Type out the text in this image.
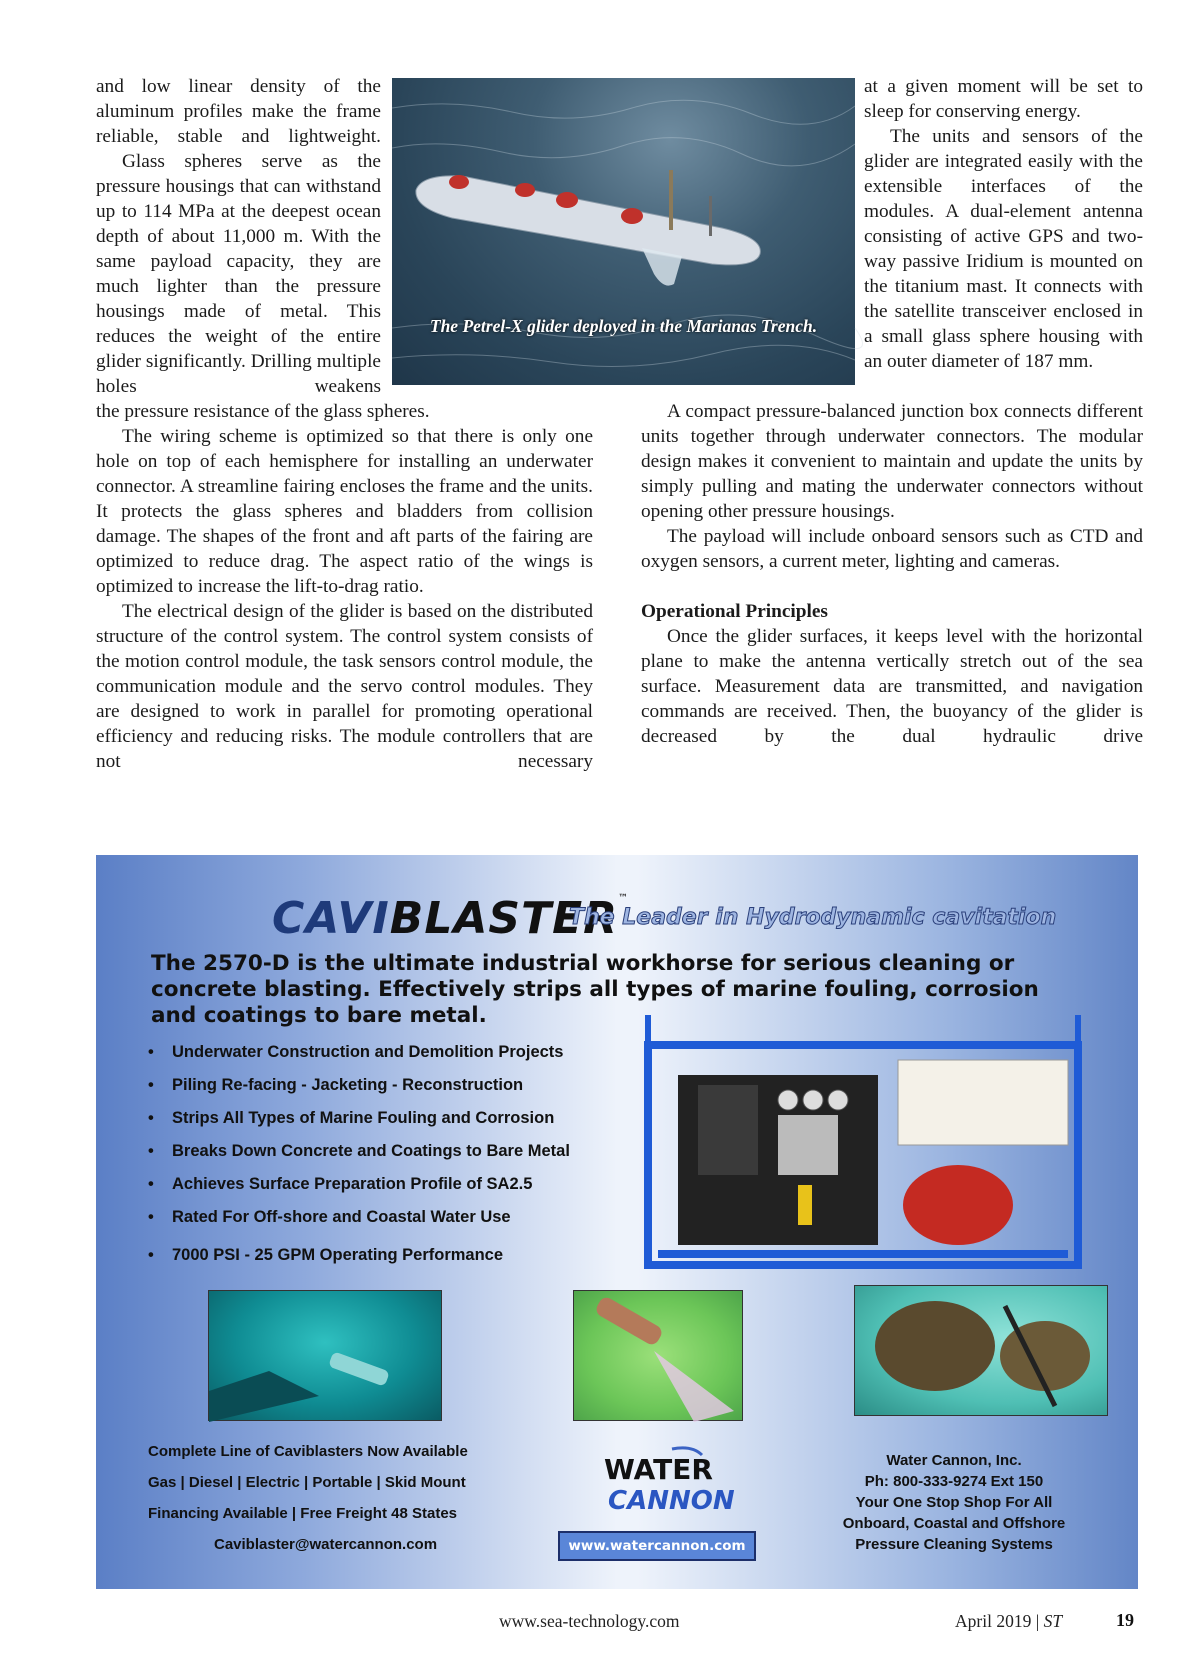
and low linear density of the aluminum profiles make the frame reliable, stable and lightweight.

Glass spheres serve as the pressure housings that can withstand up to 114 MPa at the deepest ocean depth of about 11,000 m. With the same payload capacity, they are much lighter than the pressure housings made of metal. This reduces the weight of the entire glider significantly. Drilling multiple holes weakens

The Petrel-X glider deployed in the Marianas Trench.

at a given moment will be set to sleep for conserving energy.

The units and sensors of the glider are integrated easily with the extensible interfaces of the modules. A dual-element antenna consisting of active GPS and two-way passive Iridium is mounted on the titanium mast. It connects with the satellite transceiver enclosed in a small glass sphere housing with an outer diameter of 187 mm.

the pressure resistance of the glass spheres.

The wiring scheme is optimized so that there is only one hole on top of each hemisphere for installing an underwater connector. A streamline fairing encloses the frame and the units. It protects the glass spheres and bladders from collision damage. The shapes of the front and aft parts of the fairing are optimized to reduce drag. The aspect ratio of the wings is optimized to increase the lift-to-drag ratio.

The electrical design of the glider is based on the distributed structure of the control system. The control system consists of the motion control module, the task sensors control module, the communication module and the servo control modules. They are designed to work in parallel for promoting operational efficiency and reducing risks. The module controllers that are not necessary

A compact pressure-balanced junction box connects different units together through underwater connectors. The modular design makes it convenient to maintain and update the units by simply pulling and mating the underwater connectors without opening other pressure housings.

The payload will include onboard sensors such as CTD and oxygen sensors, a current meter, lighting and cameras.

Operational Principles

Once the glider surfaces, it keeps level with the horizontal plane to make the antenna vertically stretch out of the sea surface. Measurement data are transmitted, and navigation commands are received. Then, the buoyancy of the glider is decreased by the dual hydraulic drive

CAVIBLASTER™
The Leader in Hydrodynamic cavitation
The 2570-D is the ultimate industrial workhorse for serious cleaning or concrete blasting. Effectively strips all types of marine fouling, corrosion and coatings to bare metal.
• Underwater Construction and Demolition Projects
• Piling Re-facing - Jacketing - Reconstruction
• Strips All Types of Marine Fouling and Corrosion
• Breaks Down Concrete and Coatings to Bare Metal
• Achieves Surface Preparation Profile of SA2.5
• Rated For Off-shore and Coastal Water Use
• 7000 PSI - 25 GPM Operating Performance
Complete Line of Caviblasters Now Available
Gas | Diesel | Electric | Portable | Skid Mount
Financing Available | Free Freight 48 States
Caviblaster@watercannon.com
WATER
CANNON
www.watercannon.com
Water Cannon, Inc.
Ph: 800-333-9274 Ext 150
Your One Stop Shop For All
Onboard, Coastal and Offshore
Pressure Cleaning Systems
www.sea-technology.com	April 2019 | ST	19
